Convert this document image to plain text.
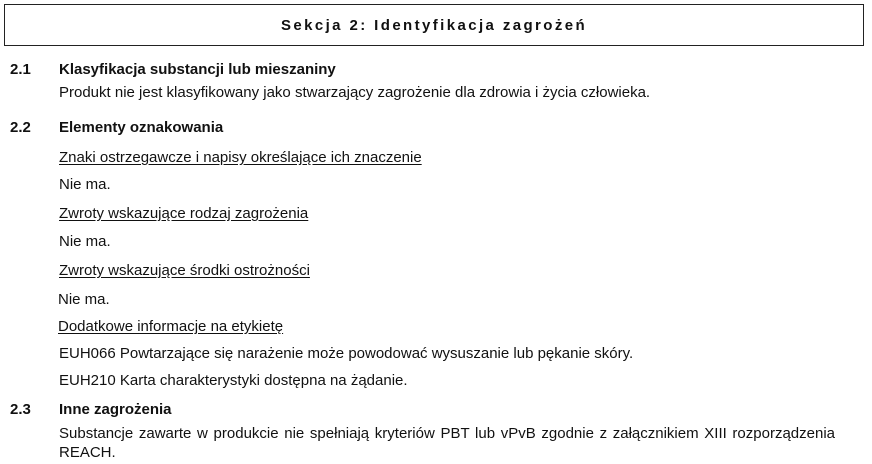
Sekcja 2: Identyfikacja zagrożeń
2.1 Klasyfikacja substancji lub mieszaniny
Produkt nie jest klasyfikowany jako stwarzający zagrożenie dla zdrowia i życia człowieka.
2.2 Elementy oznakowania
Znaki ostrzegawcze i napisy określające ich znaczenie
Nie ma.
Zwroty wskazujące rodzaj zagrożenia
Nie ma.
Zwroty wskazujące środki ostrożności
Nie ma.
Dodatkowe informacje na etykietę
EUH066 Powtarzające się narażenie może powodować wysuszanie lub pękanie skóry.
EUH210 Karta charakterystyki dostępna na żądanie.
2.3 Inne zagrożenia
Substancje zawarte w produkcie nie spełniają kryteriów PBT lub vPvB zgodnie z załącznikiem XIII rozporządzenia REACH.
